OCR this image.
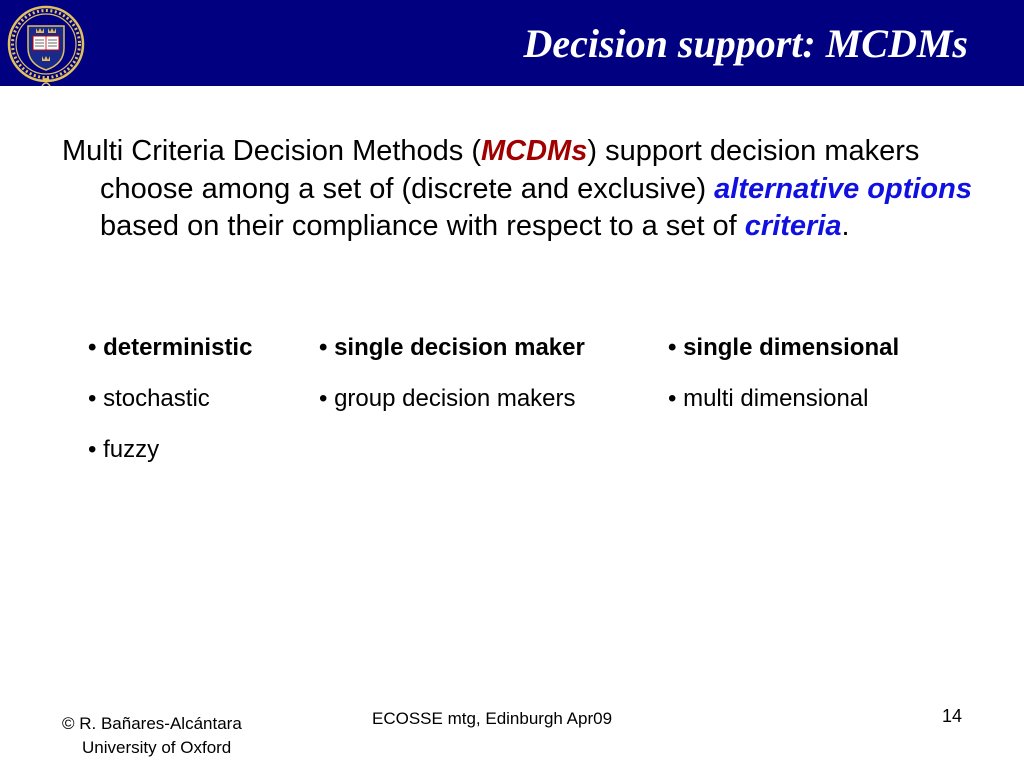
Decision support: MCDMs
Multi Criteria Decision Methods (MCDMs) support decision makers choose among a set of (discrete and exclusive) alternative options based on their compliance with respect to a set of criteria.
• deterministic
• stochastic
• fuzzy
• single decision maker
• group decision makers
• single dimensional
• multi dimensional
© R. Bañares-Alcántara
University of Oxford
ECOSSE mtg, Edinburgh Apr09	14
